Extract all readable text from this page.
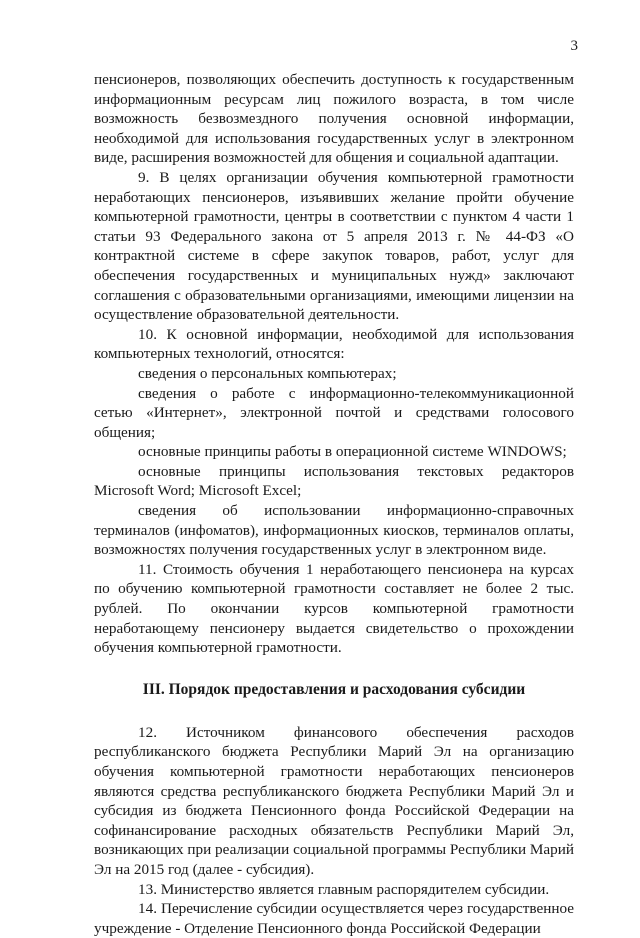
3

пенсионеров, позволяющих обеспечить доступность к государственным информационным ресурсам лиц пожилого возраста, в том числе возможность безвозмездного получения основной информации, необходимой для использования государственных услуг в электронном виде, расширения возможностей для общения и социальной адаптации.

9. В целях организации обучения компьютерной грамотности неработающих пенсионеров, изъявивших желание пройти обучение компьютерной грамотности, центры в соответствии с пунктом 4 части 1 статьи 93 Федерального закона от 5 апреля 2013 г. № 44-ФЗ «О контрактной системе в сфере закупок товаров, работ, услуг для обеспечения государственных и муниципальных нужд» заключают соглашения с образовательными организациями, имеющими лицензии на осуществление образовательной деятельности.

10. К основной информации, необходимой для использования компьютерных технологий, относятся:

сведения о персональных компьютерах;

сведения о работе с информационно-телекоммуникационной сетью «Интернет», электронной почтой и средствами голосового общения;

основные принципы работы в операционной системе WINDOWS;

основные принципы использования текстовых редакторов Microsoft Word; Microsoft Excel;

сведения об использовании информационно-справочных терминалов (инфоматов), информационных киосков, терминалов оплаты, возможностях получения государственных услуг в электронном виде.

11. Стоимость обучения 1 неработающего пенсионера на курсах по обучению компьютерной грамотности составляет не более 2 тыс. рублей. По окончании курсов компьютерной грамотности неработающему пенсионеру выдается свидетельство о прохождении обучения компьютерной грамотности.

III. Порядок предоставления и расходования субсидии

12. Источником финансового обеспечения расходов республиканского бюджета Республики Марий Эл на организацию обучения компьютерной грамотности неработающих пенсионеров являются средства республиканского бюджета Республики Марий Эл и субсидия из бюджета Пенсионного фонда Российской Федерации на софинансирование расходных обязательств Республики Марий Эл, возникающих при реализации социальной программы Республики Марий Эл на 2015 год (далее - субсидия).

13. Министерство является главным распорядителем субсидии.

14. Перечисление субсидии осуществляется через государственное учреждение - Отделение Пенсионного фонда Российской Федерации
